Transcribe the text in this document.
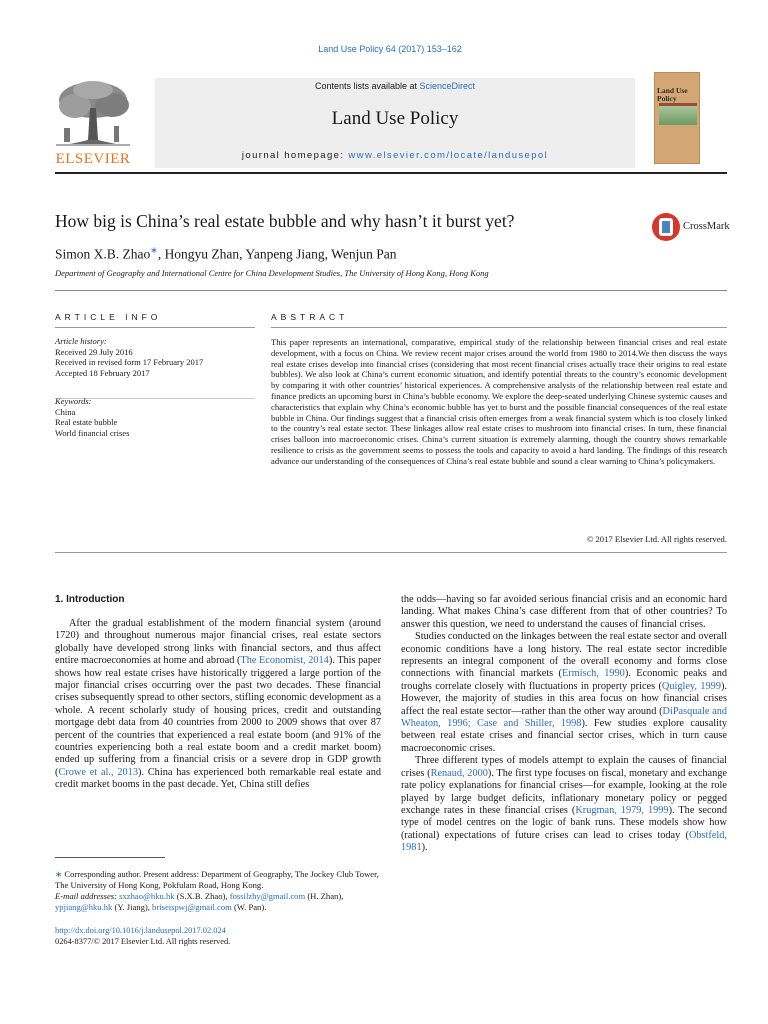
Land Use Policy 64 (2017) 153–162
ELSEVIER
Contents lists available at ScienceDirect
Land Use Policy
journal homepage: www.elsevier.com/locate/landusepol
Land Use Policy
How big is China’s real estate bubble and why hasn’t it burst yet?	CrossMark
Simon X.B. Zhao∗, Hongyu Zhan, Yanpeng Jiang, Wenjun Pan
Department of Geography and International Centre for China Development Studies, The University of Hong Kong, Hong Kong
ARTICLE INFO
Article history:
Received 29 July 2016
Received in revised form 17 February 2017
Accepted 18 February 2017
Keywords:
China
Real estate bubble
World financial crises
ABSTRACT
This paper represents an international, comparative, empirical study of the relationship between financial crises and real estate development, with a focus on China. We review recent major crises around the world from 1980 to 2014.We then discuss the ways real estate crises develop into financial crises (considering that most recent financial crises actually trace their origins to real estate bubbles). We also look at China’s current economic situation, and identify potential threats to the country’s economic development by comparing it with other countries’ historical experiences. A comprehensive analysis of the relationship between real estate and finance predicts an upcoming burst in China’s bubble economy. We explore the deep-seated underlying Chinese systemic causes and characteristics that explain why China’s economic bubble has yet to burst and the possible financial consequences of the real estate bubble in China. Our findings suggest that a financial crisis often emerges from a weak financial system which is too closely linked to the country’s real estate sector. These linkages allow real estate crises to mushroom into financial crises. In turn, these financial crises balloon into macroeconomic crises. China’s current situation is extremely alarming, though the country shows remarkable resilience to crisis as the government seems to possess the tools and capacity to avoid a hard landing. The findings of this research advance our understanding of the consequences of China’s real estate bubble and sound a clear warning to China’s policymakers.
© 2017 Elsevier Ltd. All rights reserved.
1. Introduction

After the gradual establishment of the modern financial system (around 1720) and throughout numerous major financial crises, real estate sectors globally have developed strong links with financial sectors, and thus affect entire macroeconomies at home and abroad (The Economist, 2014). This paper shows how real estate crises have historically triggered a large portion of the major financial crises occurring over the past two decades. These financial crises subsequently spread to other sectors, stifling economic development as a whole. A recent scholarly study of housing prices, credit and outstanding mortgage debt data from 40 countries from 2000 to 2009 shows that over 87 percent of the countries that experienced a real estate boom (and 91% of the countries experiencing both a real estate boom and a credit market boom) ended up suffering from a financial crisis or a severe drop in GDP growth (Crowe et al., 2013). China has experienced both remarkable real estate and credit market booms in the past decade. Yet, China still defies

the odds—having so far avoided serious financial crisis and an economic hard landing. What makes China’s case different from that of other countries? To answer this question, we need to understand the causes of financial crises.

Studies conducted on the linkages between the real estate sector and overall economic conditions have a long history. The real estate sector incredible represents an integral component of the overall economy and forms close connections with financial markets (Ermisch, 1990). Economic peaks and troughs correlate closely with fluctuations in property prices (Quigley, 1999). However, the majority of studies in this area focus on how financial crises affect the real estate sector—rather than the other way around (DiPasquale and Wheaton, 1996; Case and Shiller, 1998). Few studies explore causality between real estate crises and financial sector crises, which in turn cause macroeconomic crises.

Three different types of models attempt to explain the causes of financial crises (Renaud, 2000). The first type focuses on fiscal, monetary and exchange rate policy explanations for financial crises—for example, looking at the role played by large budget deficits, inflationary monetary policy or pegged exchange rates in these financial crises (Krugman, 1979, 1999). The second type of model centres on the logic of bank runs. These models show how (rational) expectations of future crises can lead to crises today (Obstfeld, 1981).

∗ Corresponding author. Present address: Department of Geography, The Jockey Club Tower, The University of Hong Kong, Pokfulam Road, Hong Kong.
E-mail addresses: sxzhao@hku.hk (S.X.B. Zhao), fossilzhy@gmail.com (H. Zhan),
ypjiang@hku.hk (Y. Jiang), briseispwj@gmail.com (W. Pan).
http://dx.doi.org/10.1016/j.landusepol.2017.02.024
0264-8377/© 2017 Elsevier Ltd. All rights reserved.
